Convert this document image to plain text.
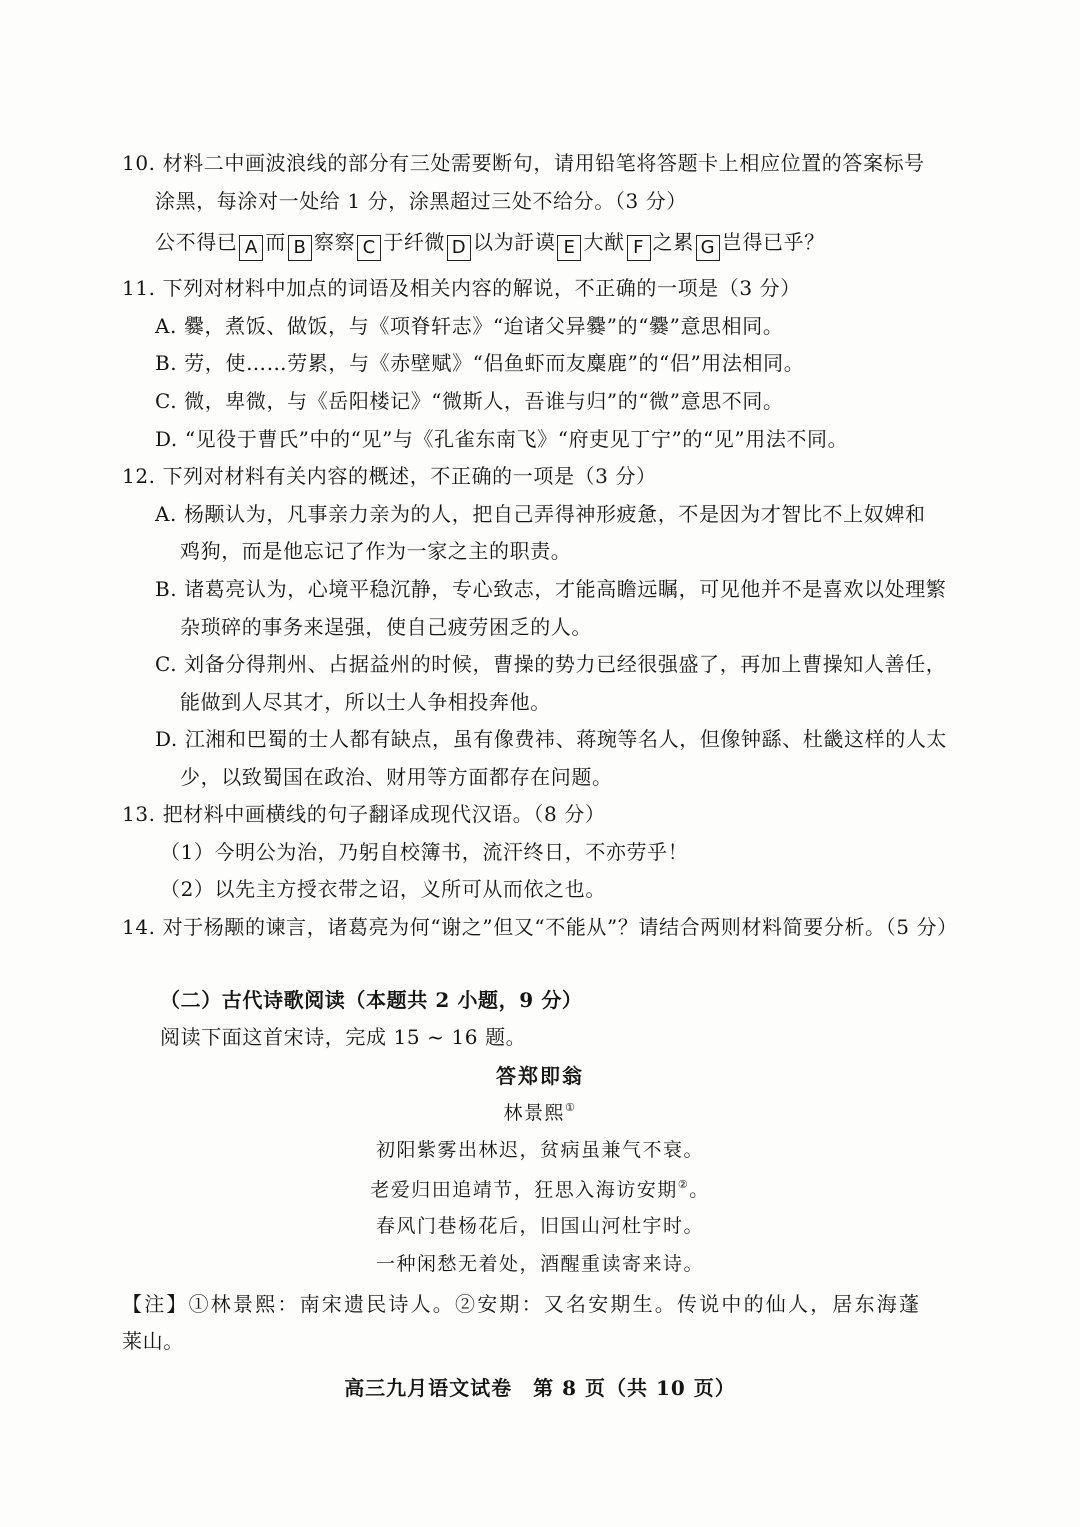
10. 材料二中画波浪线的部分有三处需要断句，请用铅笔将答题卡上相应位置的答案标号
涂黑，每涂对一处给 1 分，涂黑超过三处不给分。（3 分）
公不得已 A 而 B 察察 C 于纤微 D 以为訏谟 E 大猷 F 之累 G 岂得已乎？
11. 下列对材料中加点的词语及相关内容的解说，不正确的一项是（3 分）
A. 爨，煮饭、做饭，与《项脊轩志》“迨诸父异爨”的“爨”意思相同。
B. 劳，使……劳累，与《赤壁赋》“侣鱼虾而友麋鹿”的“侣”用法相同。
C. 微，卑微，与《岳阳楼记》“微斯人，吾谁与归”的“微”意思不同。
D. “见役于曹氏”中的“见”与《孔雀东南飞》“府吏见丁宁”的“见”用法不同。
12. 下列对材料有关内容的概述，不正确的一项是（3 分）
A. 杨颙认为，凡事亲力亲为的人，把自己弄得神形疲惫，不是因为才智比不上奴婢和
鸡狗，而是他忘记了作为一家之主的职责。
B. 诸葛亮认为，心境平稳沉静，专心致志，才能高瞻远瞩，可见他并不是喜欢以处理繁
杂琐碎的事务来逞强，使自己疲劳困乏的人。
C. 刘备分得荆州、占据益州的时候，曹操的势力已经很强盛了，再加上曹操知人善任，
能做到人尽其才，所以士人争相投奔他。
D. 江湘和巴蜀的士人都有缺点，虽有像费祎、蒋琬等名人，但像钟繇、杜畿这样的人太
少，以致蜀国在政治、财用等方面都存在问题。
13. 把材料中画横线的句子翻译成现代汉语。（8 分）
（1）今明公为治，乃躬自校簿书，流汗终日，不亦劳乎！
（2）以先主方授衣带之诏，义所可从而依之也。
14. 对于杨颙的谏言，诸葛亮为何“谢之”但又“不能从”？请结合两则材料简要分析。（5 分）
（二）古代诗歌阅读（本题共 2 小题，9 分）
阅读下面这首宋诗，完成 15 ~ 16 题。
答郑即翁
林景熙①
初阳紫雾出林迟，贫病虽兼气不衰。
老爱归田追靖节，狂思入海访安期②。
春风门巷杨花后，旧国山河杜宇时。
一种闲愁无着处，酒醒重读寄来诗。
【注】①林景熙：南宋遗民诗人。②安期：又名安期生。传说中的仙人，居东海蓬
莱山。
高三九月语文试卷　第 8 页（共 10 页）
